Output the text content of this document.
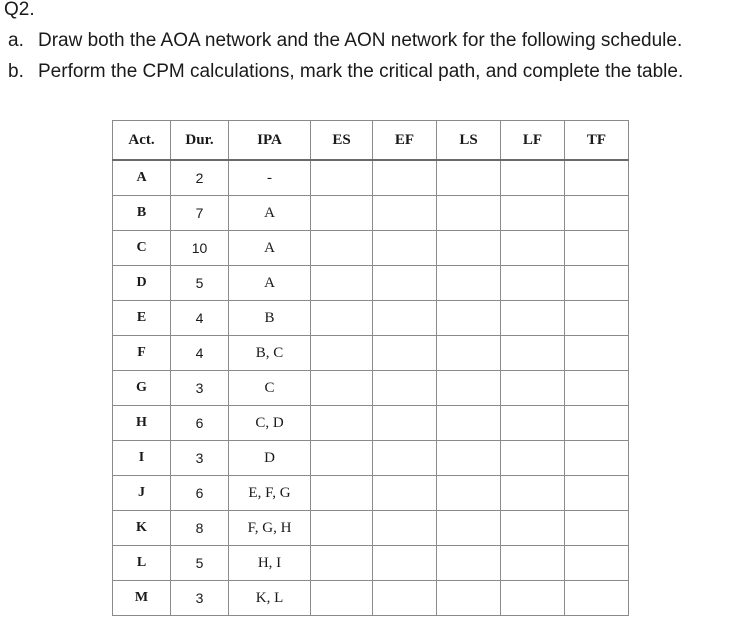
Q2.
a. Draw both the AOA network and the AON network for the following schedule.
b. Perform the CPM calculations, mark the critical path, and complete the table.
Act.	Dur.	IPA	ES	EF	LS	LF	TF
A	2	-					
B	7	A					
C	10	A					
D	5	A					
E	4	B					
F	4	B, C					
G	3	C					
H	6	C, D					
I	3	D					
J	6	E, F, G					
K	8	F, G, H					
L	5	H, I					
M	3	K, L					
